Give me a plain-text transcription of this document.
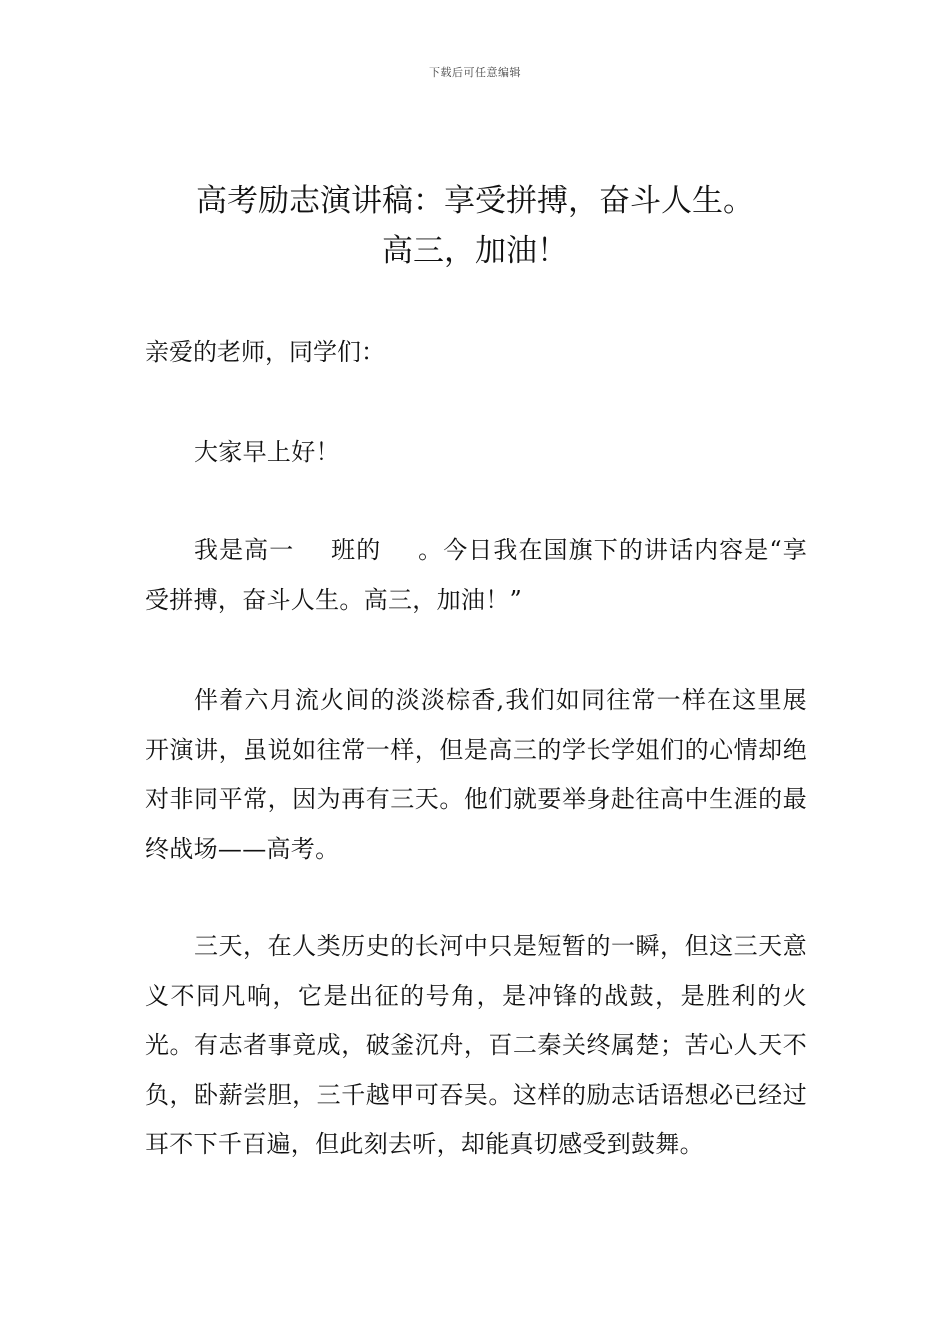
下载后可任意编辑
高考励志演讲稿：享受拼搏，奋斗人生。
高三，加油！
亲爱的老师，同学们：
大家早上好！
我是高一 班的 。今日我在国旗下的讲话内容是“享受拼搏，奋斗人生。高三，加油！”
伴着六月流火间的淡淡棕香,我们如同往常一样在这里展开演讲，虽说如往常一样，但是高三的学长学姐们的心情却绝对非同平常，因为再有三天。他们就要举身赴往高中生涯的最终战场——高考。
三天，在人类历史的长河中只是短暂的一瞬，但这三天意义不同凡响，它是出征的号角，是冲锋的战鼓，是胜利的火光。有志者事竟成，破釜沉舟，百二秦关终属楚；苦心人天不负，卧薪尝胆，三千越甲可吞吴。这样的励志话语想必已经过耳不下千百遍，但此刻去听，却能真切感受到鼓舞。
